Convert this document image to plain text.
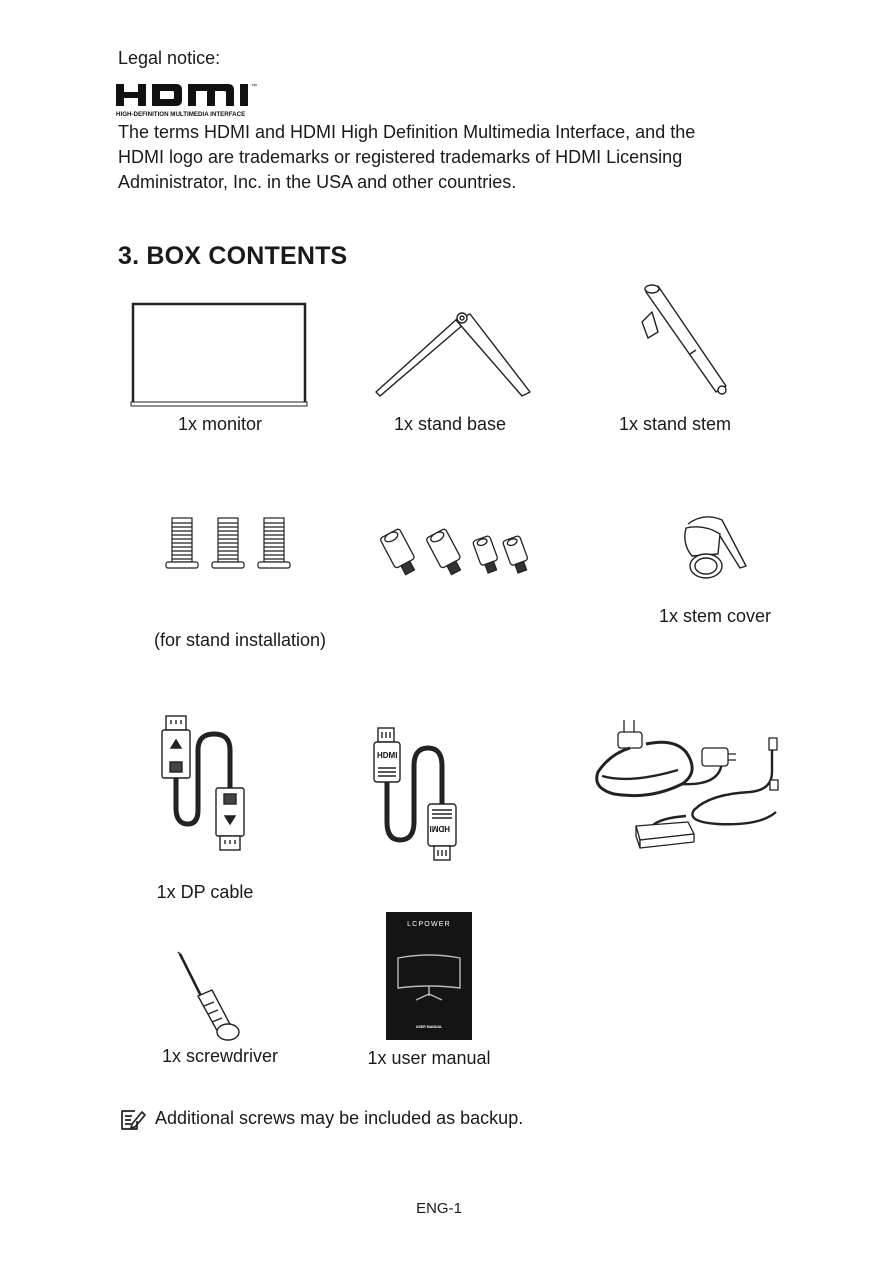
Legal notice:
™
HIGH-DEFINITION MULTIMEDIA INTERFACE
The terms HDMI and HDMI High Definition Multimedia Interface, and the
HDMI logo are trademarks or registered trademarks of HDMI Licensing
Administrator, Inc. in the USA and other countries.
3. BOX CONTENTS
1x monitor	1x stand base	1x stand stem
1x stem cover
(for stand installation)
1x DP cable
HDMI
HDMI
1x screwdriver
LCPOWER
USER MANUAL
1x user manual
Additional screws may be included as backup.
ENG-1
